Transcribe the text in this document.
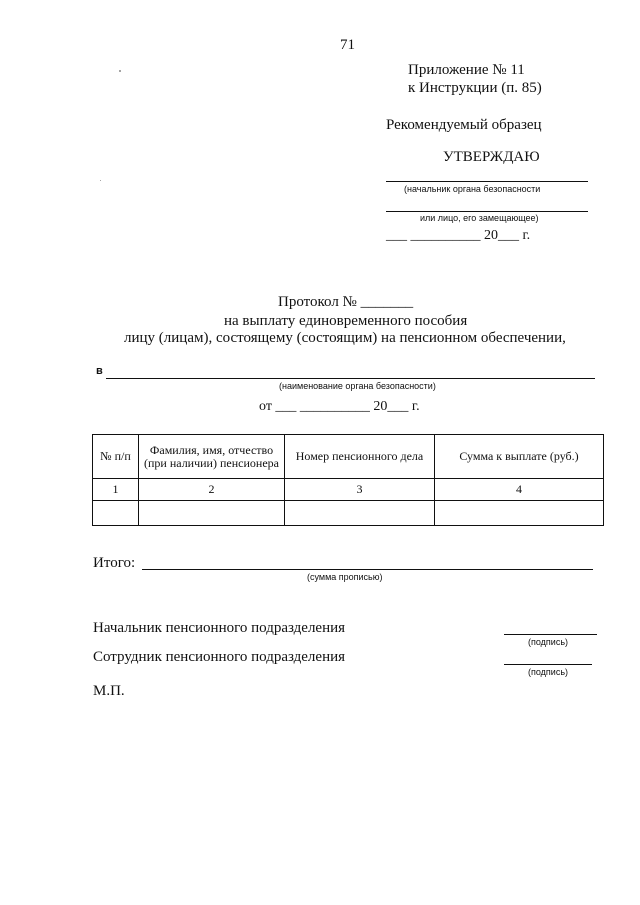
71
Приложение № 11
к Инструкции (п. 85)
Рекомендуемый образец
УТВЕРЖДАЮ
(начальник органа безопасности
или лицо, его замещающее)
___ __________ 20___ г.
Протокол № _______
на выплату единовременного пособия
лицу (лицам), состоящему (состоящим) на пенсионном обеспечении,
в
(наименование органа безопасности)
от ___ __________ 20___ г.
№ п/п	Фамилия, имя, отчество (при наличии) пенсионера	Номер пенсионного дела	Сумма к выплате (руб.)
1	2	3	4

Итого:
(сумма прописью)
Начальник пенсионного подразделения
(подпись)
Сотрудник пенсионного подразделения
(подпись)
М.П.
